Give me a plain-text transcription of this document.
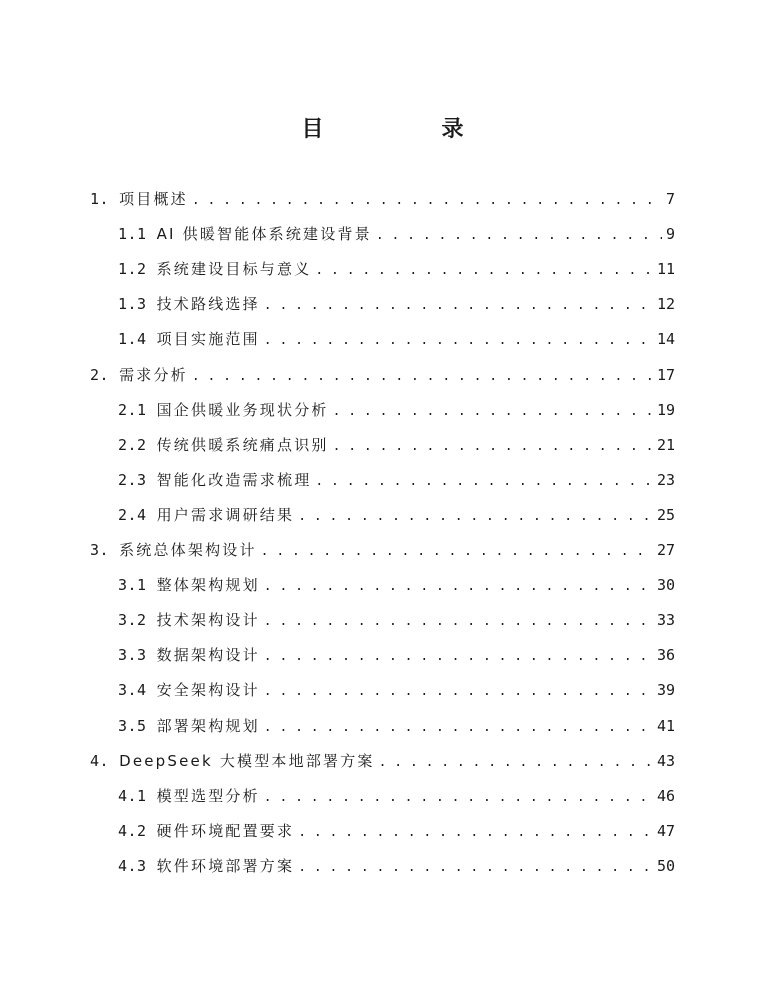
目　录
1. 项目概述 . . .	7
1.1 AI 供暖智能体系统建设背景 . . .	9
1.2 系统建设目标与意义 . . .	11
1.3 技术路线选择 . . .	12
1.4 项目实施范围 . . .	14
2. 需求分析 . . .	17
2.1 国企供暖业务现状分析 . . .	19
2.2 传统供暖系统痛点识别 . . .	21
2.3 智能化改造需求梳理 . . .	23
2.4 用户需求调研结果 . . .	25
3. 系统总体架构设计 . . .	27
3.1 整体架构规划 . . .	30
3.2 技术架构设计 . . .	33
3.3 数据架构设计 . . .	36
3.4 安全架构设计 . . .	39
3.5 部署架构规划 . . .	41
4. DeepSeek 大模型本地部署方案 . . .	43
4.1 模型选型分析 . . .	46
4.2 硬件环境配置要求 . . .	47
4.3 软件环境部署方案 . . .	50
